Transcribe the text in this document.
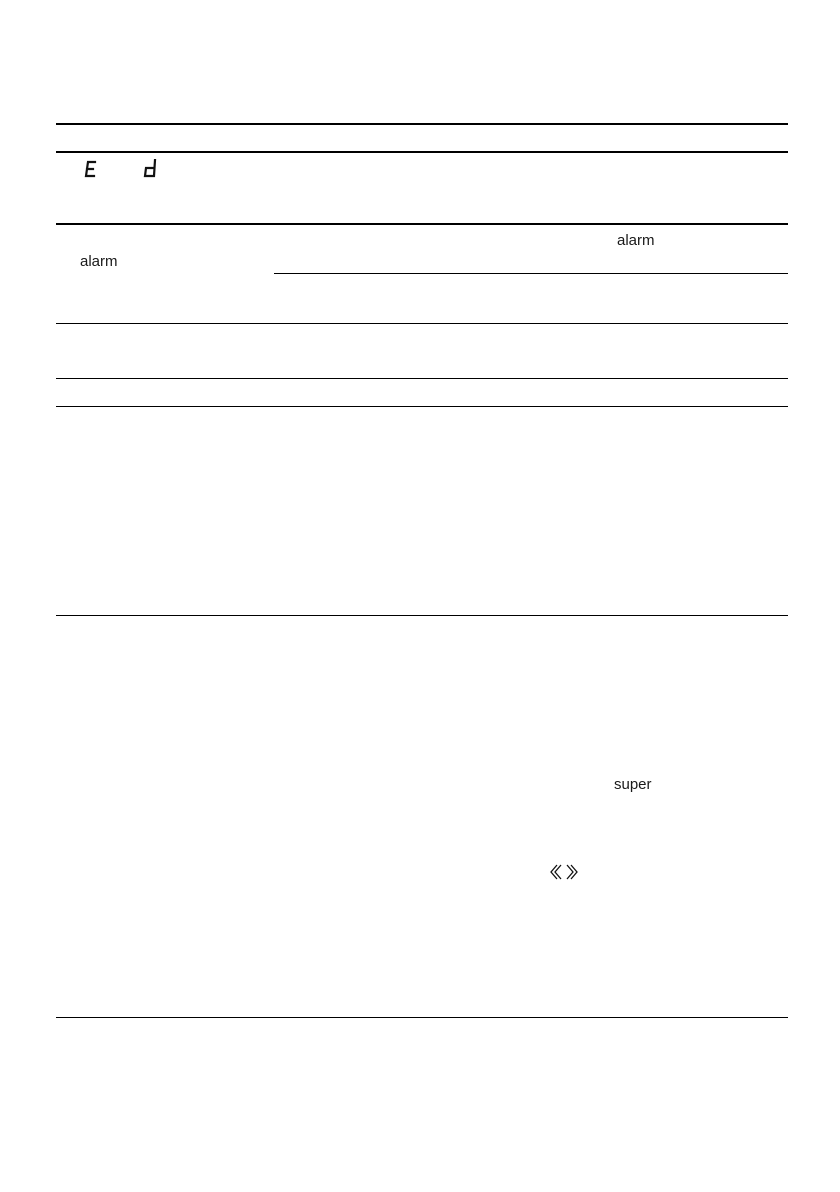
alarm
alarm
super
